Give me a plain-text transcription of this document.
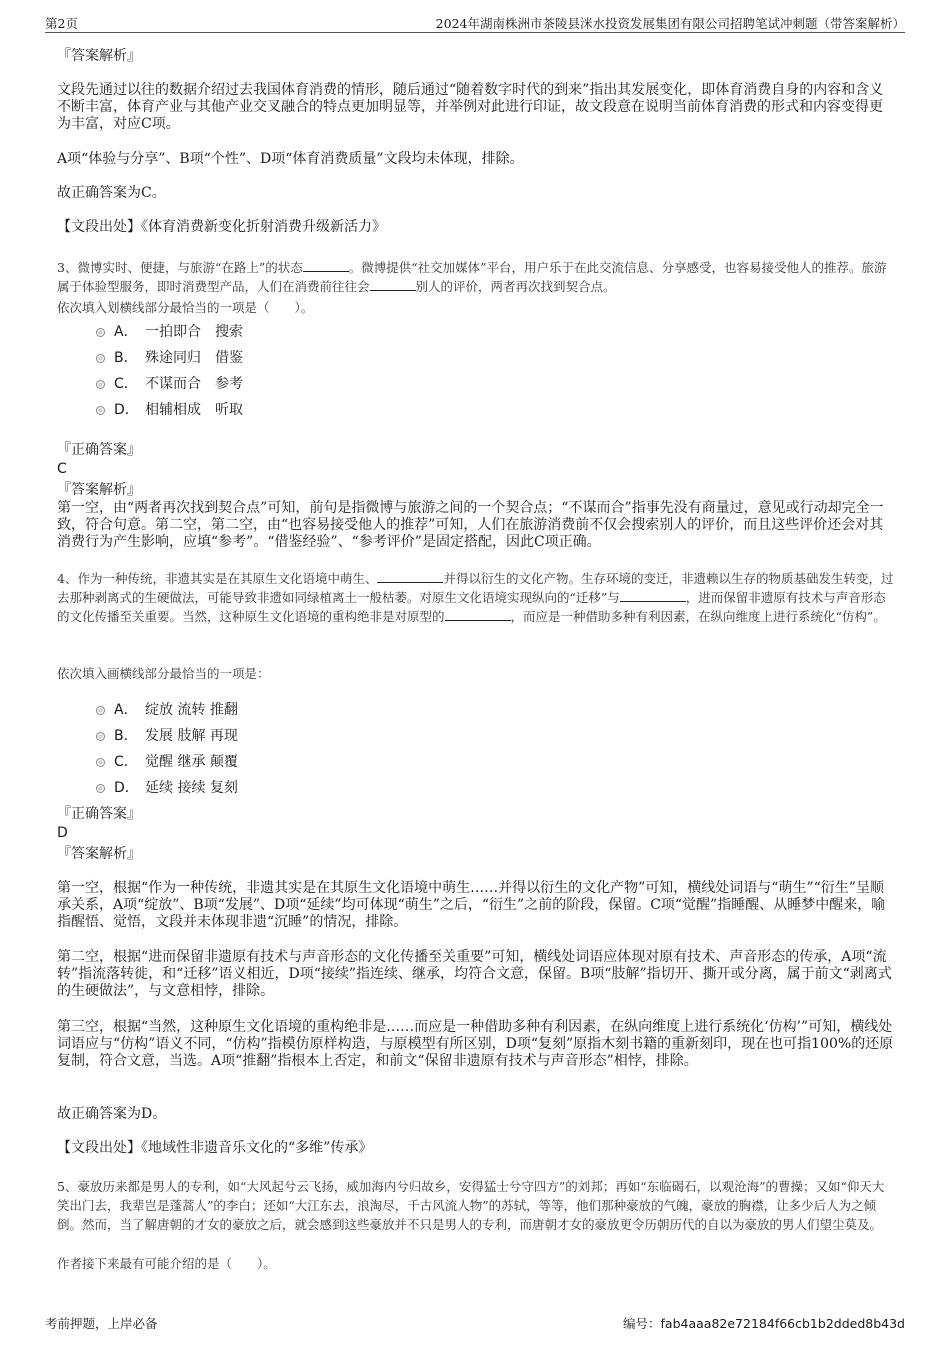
第2页	2024年湖南株洲市茶陵县洣水投资发展集团有限公司招聘笔试冲刺题（带答案解析）
『答案解析』
文段先通过以往的数据介绍过去我国体育消费的情形，随后通过“随着数字时代的到来”指出其发展变化，即体育消费自身的内容和含义不断丰富，体育产业与其他产业交叉融合的特点更加明显等，并举例对此进行印证，故文段意在说明当前体育消费的形式和内容变得更为丰富，对应C项。
A项“体验与分享”、B项“个性”、D项“体育消费质量”文段均未体现，排除。
故正确答案为C。
【文段出处】《体育消费新变化折射消费升级新活力》
3、微博实时、便捷，与旅游“在路上”的状态	。微博提供“社交加媒体”平台，用户乐于在此交流信息、分享感受，也容易接受他人的推荐。旅游属于体验型服务，即时消费型产品，人们在消费前往往会	别人的评价，两者再次找到契合点。
依次填入划横线部分最恰当的一项是（　　）。
A． 一拍即合　搜索
B． 殊途同归　借鉴
C． 不谋而合　参考
D． 相辅相成　听取
『正确答案』
C
『答案解析』
第一空，由“两者再次找到契合点”可知，前句是指微博与旅游之间的一个契合点；“不谋而合”指事先没有商量过，意见或行动却完全一致，符合句意。第二空，第二空，由“也容易接受他人的推荐”可知，人们在旅游消费前不仅会搜索别人的评价，而且这些评价还会对其消费行为产生影响，应填“参考”。“借鉴经验”、“参考评价”是固定搭配，因此C项正确。
4、作为一种传统，非遗其实是在其原生文化语境中萌生、	并得以衍生的文化产物。生存环境的变迁，非遗赖以生存的物质基础发生转变，过去那种剥离式的生硬做法，可能导致非遗如同绿植离土一般枯萎。对原生文化语境实现纵向的“迁移”与	，进而保留非遗原有技术与声音形态的文化传播至关重要。当然，这种原生文化语境的重构绝非是对原型的	，而应是一种借助多种有利因素，在纵向维度上进行系统化“仿构”。
依次填入画横线部分最恰当的一项是：
A． 绽放 流转 推翻
B． 发展 肢解 再现
C． 觉醒 继承 颠覆
D． 延续 接续 复刻
『正确答案』
D
『答案解析』
第一空，根据“作为一种传统，非遗其实是在其原生文化语境中萌生……并得以衍生的文化产物”可知，横线处词语与“萌生”“衍生”呈顺承关系，A项“绽放”、B项“发展”、D项“延续”均可体现“萌生”之后，“衍生”之前的阶段，保留。C项“觉醒”指睡醒、从睡梦中醒来，喻指醒悟、觉悟，文段并未体现非遗“沉睡”的情况，排除。
第二空，根据“进而保留非遗原有技术与声音形态的文化传播至关重要”可知，横线处词语应体现对原有技术、声音形态的传承，A项“流转”指流落转徙，和“迁移”语义相近，D项“接续”指连续、继承，均符合文意，保留。B项“肢解”指切开、撕开或分离，属于前文“剥离式的生硬做法”，与文意相悖，排除。
第三空，根据“当然，这种原生文化语境的重构绝非是……而应是一种借助多种有利因素，在纵向维度上进行系统化‘仿构’”可知，横线处词语应与“仿构”语义不同，“仿构”指模仿原样构造，与原模型有所区别，D项“复刻”原指木刻书籍的重新刻印，现在也可指100%的还原复制，符合文意，当选。A项“推翻”指根本上否定，和前文“保留非遗原有技术与声音形态”相悖，排除。
故正确答案为D。
【文段出处】《地域性非遗音乐文化的“多维”传承》
5、豪放历来都是男人的专利，如“大风起兮云飞扬，威加海内兮归故乡，安得猛士兮守四方”的刘邦；再如“东临碣石，以观沧海”的曹操；又如“仰天大笑出门去，我辈岂是蓬蒿人”的李白；还如“大江东去，浪淘尽，千古风流人物”的苏轼，等等，他们那种豪放的气魄，豪放的胸襟，让多少后人为之倾倒。然而，当了解唐朝的才女的豪放之后，就会感到这些豪放并不只是男人的专利，而唐朝才女的豪放更令历朝历代的自以为豪放的男人们望尘莫及。
作者接下来最有可能介绍的是（　　）。
考前押题，上岸必备	编号：fab4aaa82e72184f66cb1b2dded8b43d
